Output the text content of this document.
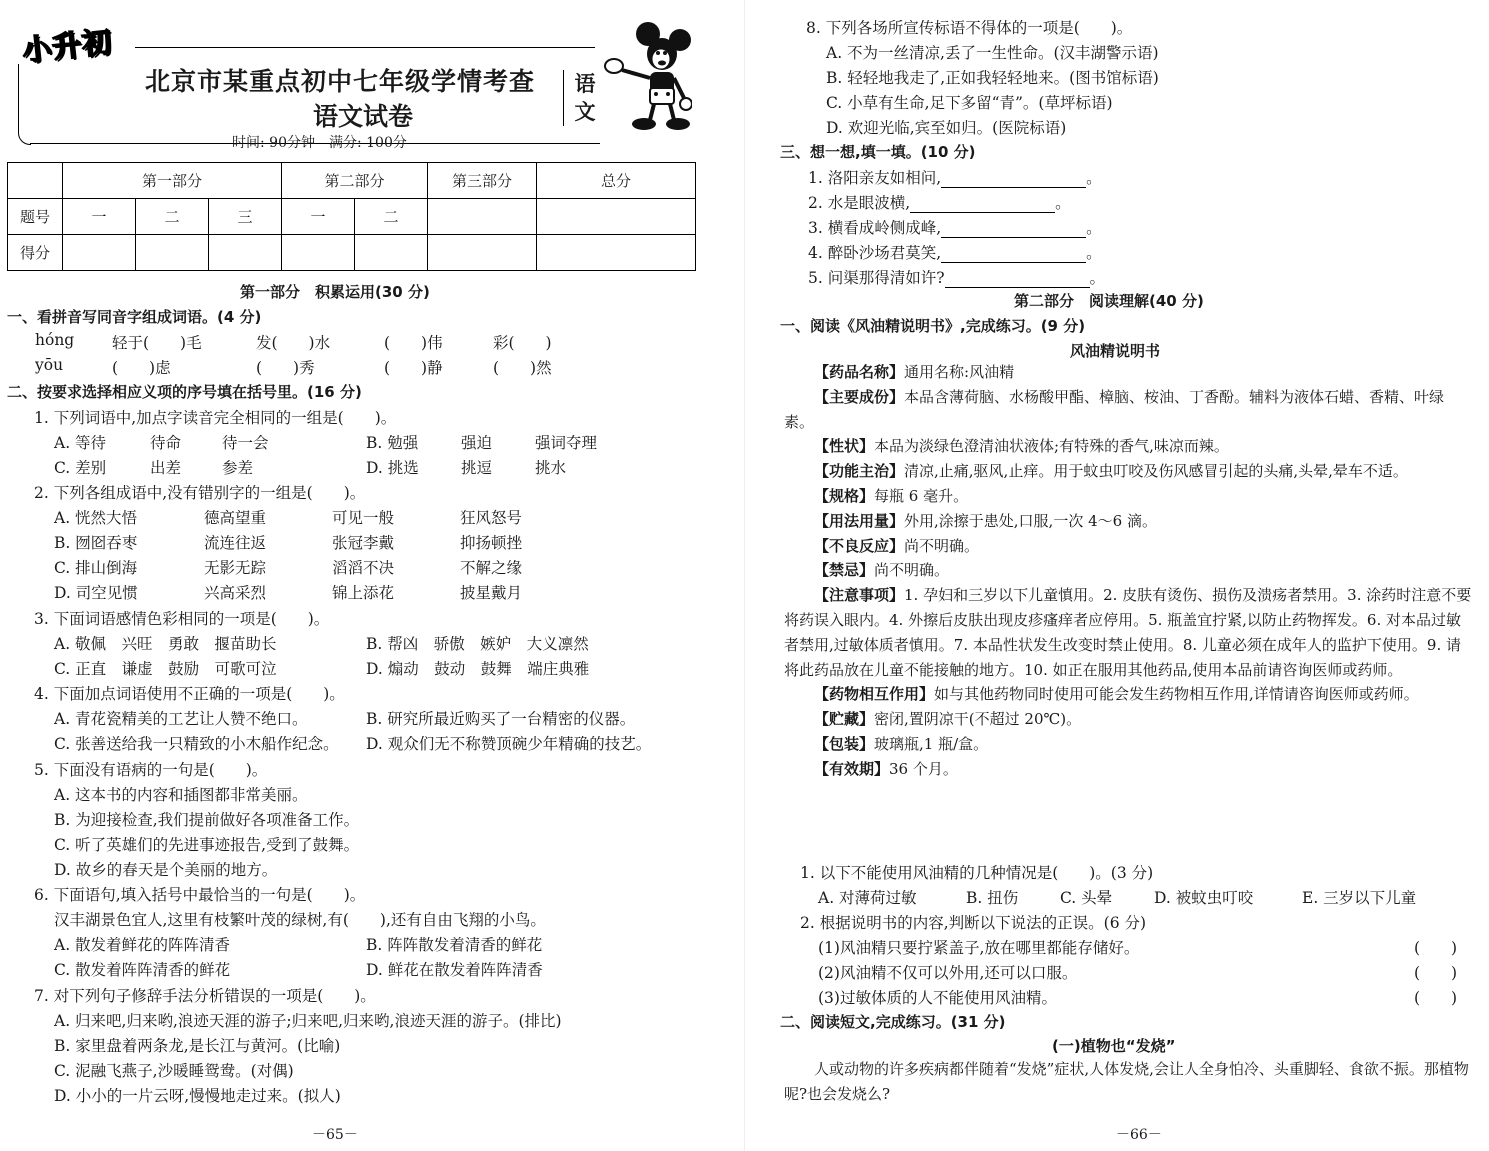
小升初
北京市某重点初中七年级学情考查
语文试卷
语文
时间: 90分钟　满分: 100分
	第一部分			第二部分		第三部分	总分
题号	一	二	三	一	二		
得分							
第一部分　积累运用(30 分)
一、看拼音写同音字组成词语。(4 分)
hóng 轻于(　　)毛	发(　　)水	(　　)伟	彩(　　)
yōu	(　　)虑	(　　)秀	(　　)静	(　　)然
二、按要求选择相应义项的序号填在括号里。(16 分)
1. 下列词语中,加点字读音完全相同的一组是(　　)。
A. 等待	待命	待一会	B. 勉强	强迫	强词夺理
C. 差别	出差	参差	D. 挑选	挑逗	挑水
2. 下列各组成语中,没有错别字的一组是(　　)。
A. 恍然大悟	德高望重	可见一般	狂风怒号
B. 囫囵吞枣	流连往返	张冠李戴	抑扬顿挫
C. 排山倒海	无影无踪	滔滔不决	不解之缘
D. 司空见惯	兴高采烈	锦上添花	披星戴月
3. 下面词语感情色彩相同的一项是(　　)。
A. 敬佩　兴旺　勇敢　揠苗助长	B. 帮凶　骄傲　嫉妒　大义凛然
C. 正直　谦虚　鼓励　可歌可泣	D. 煽动　鼓动　鼓舞　端庄典雅
4. 下面加点词语使用不正确的一项是(　　)。
A. 青花瓷精美的工艺让人赞不绝口。	B. 研究所最近购买了一台精密的仪器。
C. 张善送给我一只精致的小木船作纪念。 D. 观众们无不称赞顶碗少年精确的技艺。
5. 下面没有语病的一句是(　　)。
A. 这本书的内容和插图都非常美丽。
B. 为迎接检查,我们提前做好各项准备工作。
C. 听了英雄们的先进事迹报告,受到了鼓舞。
D. 故乡的春天是个美丽的地方。
6. 下面语句,填入括号中最恰当的一句是(　　)。
汉丰湖景色宜人,这里有枝繁叶茂的绿树,有(　　),还有自由飞翔的小鸟。
A. 散发着鲜花的阵阵清香	B. 阵阵散发着清香的鲜花
C. 散发着阵阵清香的鲜花	D. 鲜花在散发着阵阵清香
7. 对下列句子修辞手法分析错误的一项是(　　)。
A. 归来吧,归来哟,浪迹天涯的游子;归来吧,归来哟,浪迹天涯的游子。(排比)
B. 家里盘着两条龙,是长江与黄河。(比喻)
C. 泥融飞燕子,沙暖睡鸳鸯。(对偶)
D. 小小的一片云呀,慢慢地走过来。(拟人)
－65－
8. 下列各场所宣传标语不得体的一项是(　　)。
A. 不为一丝清凉,丢了一生性命。(汉丰湖警示语)
B. 轻轻地我走了,正如我轻轻地来。(图书馆标语)
C. 小草有生命,足下多留“青”。(草坪标语)
D. 欢迎光临,宾至如归。(医院标语)
三、想一想,填一填。(10 分)
1. 洛阳亲友如相问,	。
2. 水是眼波横,	。
3. 横看成岭侧成峰,	。
4. 醉卧沙场君莫笑,	。
5. 问渠那得清如许?	。
第二部分　阅读理解(40 分)
一、阅读《风油精说明书》,完成练习。(9 分)
风油精说明书
【药品名称】通用名称:风油精
【主要成份】本品含薄荷脑、水杨酸甲酯、樟脑、桉油、丁香酚。辅料为液体石蜡、香精、叶绿素。
【性状】本品为淡绿色澄清油状液体;有特殊的香气,味凉而辣。
【功能主治】清凉,止痛,驱风,止痒。用于蚊虫叮咬及伤风感冒引起的头痛,头晕,晕车不适。
【规格】每瓶 6 毫升。
【用法用量】外用,涂擦于患处,口服,一次 4～6 滴。
【不良反应】尚不明确。
【禁忌】尚不明确。
【注意事项】1. 孕妇和三岁以下儿童慎用。2. 皮肤有烫伤、损伤及溃疡者禁用。3. 涂药时注意不要将药误入眼内。4. 外擦后皮肤出现皮疹瘙痒者应停用。5. 瓶盖宜拧紧,以防止药物挥发。6. 对本品过敏者禁用,过敏体质者慎用。7. 本品性状发生改变时禁止使用。8. 儿童必须在成年人的监护下使用。9. 请将此药品放在儿童不能接触的地方。10. 如正在服用其他药品,使用本品前请咨询医师或药师。
【药物相互作用】如与其他药物同时使用可能会发生药物相互作用,详情请咨询医师或药师。
【贮藏】密闭,置阴凉干(不超过 20℃)。
【包装】玻璃瓶,1 瓶/盒。
【有效期】36 个月。
1. 以下不能使用风油精的几种情况是(　　)。(3 分)
A. 对薄荷过敏	B. 扭伤	C. 头晕	D. 被蚊虫叮咬	E. 三岁以下儿童
2. 根据说明书的内容,判断以下说法的正误。(6 分)
(1)风油精只要拧紧盖子,放在哪里都能存储好。	(　　)
(2)风油精不仅可以外用,还可以口服。	(　　)
(3)过敏体质的人不能使用风油精。	(　　)
二、阅读短文,完成练习。(31 分)
(一)植物也“发烧”
人或动物的许多疾病都伴随着“发烧”症状,人体发烧,会让人全身怕冷、头重脚轻、食欲不振。那植物呢?也会发烧么?
－66－
